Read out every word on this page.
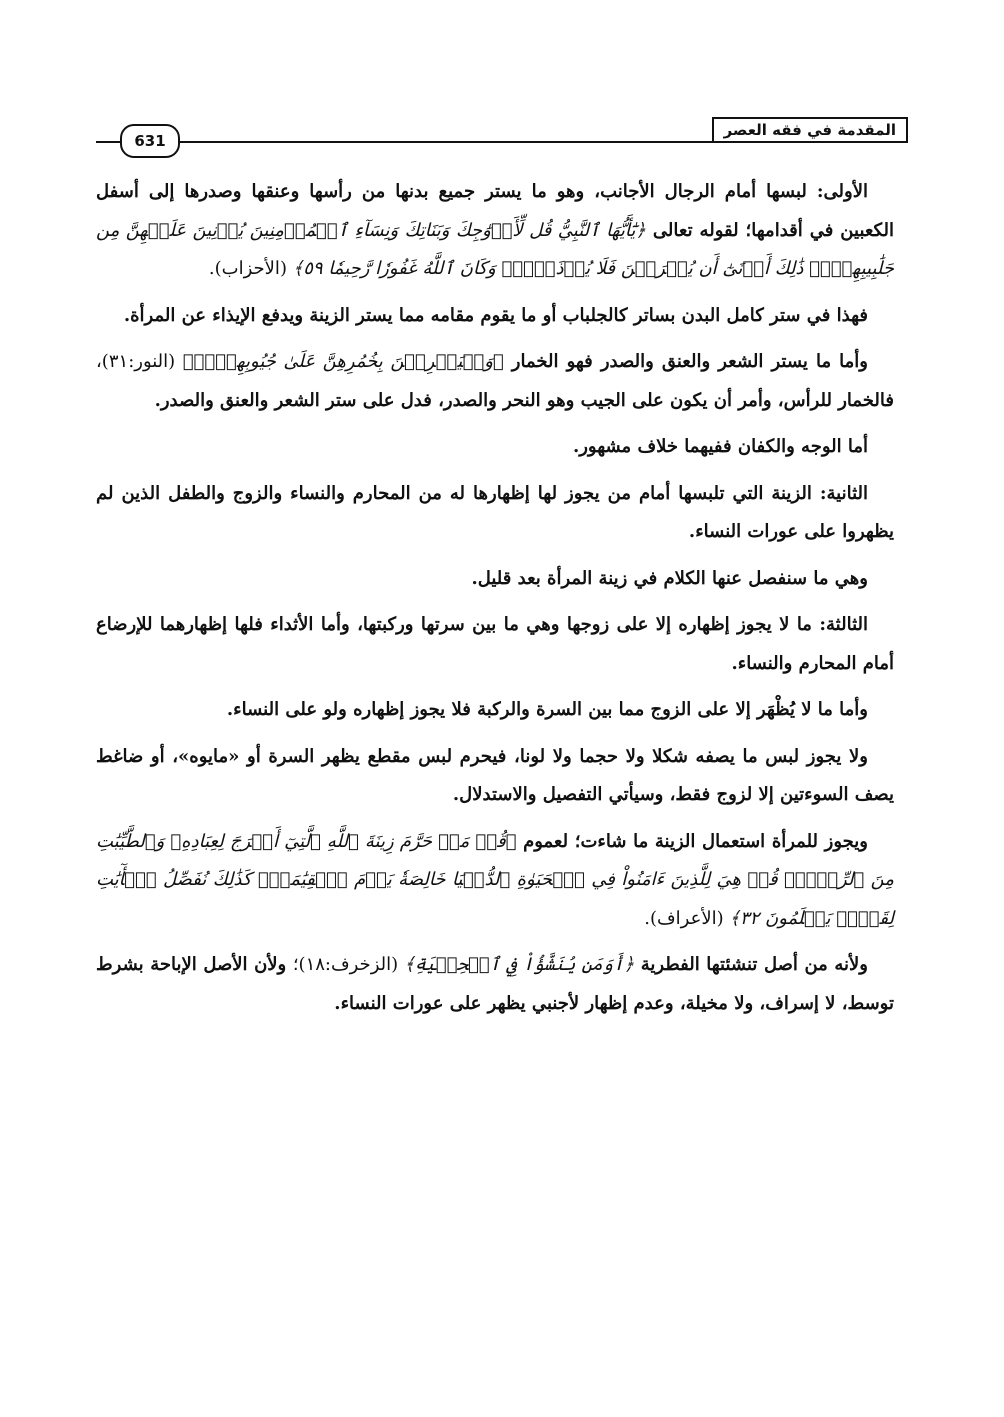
المقدمة في فقه العصر
631

الأولى: لبسها أمام الرجال الأجانب، وهو ما يستر جميع بدنها من رأسها وعنقها وصدرها إلى أسفل الكعبين في أقدامها؛ لقوله تعالى ﴿يَٰٓأَيُّهَا ٱلنَّبِيُّ قُل لِّأَزۡوَٰجِكَ وَبَنَاتِكَ وَنِسَآءِ ٱلۡمُؤۡمِنِينَ يُدۡنِينَ عَلَيۡهِنَّ مِن جَلَٰبِيبِهِنَّۚ ذَٰلِكَ أَدۡنَىٰٓ أَن يُعۡرَفۡنَ فَلَا يُؤۡذَيۡنَۗ وَكَانَ ٱللَّهُ غَفُورٗا رَّحِيمٗا ٥٩﴾ (الأحزاب).

فهذا في ستر كامل البدن بساتر كالجلباب أو ما يقوم مقامه مما يستر الزينة ويدفع الإيذاء عن المرأة.

وأما ما يستر الشعر والعنق والصدر فهو الخمار ﴿وَلۡيَضۡرِبۡنَ بِخُمُرِهِنَّ عَلَىٰ جُيُوبِهِنَّۖ﴾ (النور:٣١)، فالخمار للرأس، وأمر أن يكون على الجيب وهو النحر والصدر، فدل على ستر الشعر والعنق والصدر.

أما الوجه والكفان ففيهما خلاف مشهور.

الثانية: الزينة التي تلبسها أمام من يجوز لها إظهارها له من المحارم والنساء والزوج والطفل الذين لم يظهروا على عورات النساء.

وهي ما سنفصل عنها الكلام في زينة المرأة بعد قليل.

الثالثة: ما لا يجوز إظهاره إلا على زوجها وهي ما بين سرتها وركبتها، وأما الأثداء فلها إظهارهما للإرضاع أمام المحارم والنساء.

وأما ما لا يُظْهَر إلا على الزوج مما بين السرة والركبة فلا يجوز إظهاره ولو على النساء.

ولا يجوز لبس ما يصفه شكلا ولا حجما ولا لونا، فيحرم لبس مقطع يظهر السرة أو «مايوه»، أو ضاغط يصف السوءتين إلا لزوج فقط، وسيأتي التفصيل والاستدلال.

ويجوز للمرأة استعمال الزينة ما شاءت؛ لعموم ﴿قُلۡ مَنۡ حَرَّمَ زِينَةَ ٱللَّهِ ٱلَّتِيٓ أَخۡرَجَ لِعِبَادِهِۦ وَٱلطَّيِّبَٰتِ مِنَ ٱلرِّزۡقِۚ قُلۡ هِيَ لِلَّذِينَ ءَامَنُواْ فِي ٱلۡحَيَوٰةِ ٱلدُّنۡيَا خَالِصَةٗ يَوۡمَ ٱلۡقِيَٰمَةِۗ كَذَٰلِكَ نُفَصِّلُ ٱلۡأٓيَٰتِ لِقَوۡمٖ يَعۡلَمُونَ ٣٢﴾ (الأعراف).

ولأنه من أصل تنشئتها الفطرية ﴿أَوَمَن يُنَشَّؤُاْ فِي ٱلۡحِلۡيَةِ﴾ (الزخرف:١٨)؛ ولأن الأصل الإباحة بشرط توسط، لا إسراف، ولا مخيلة، وعدم إظهار لأجنبي يظهر على عورات النساء.
